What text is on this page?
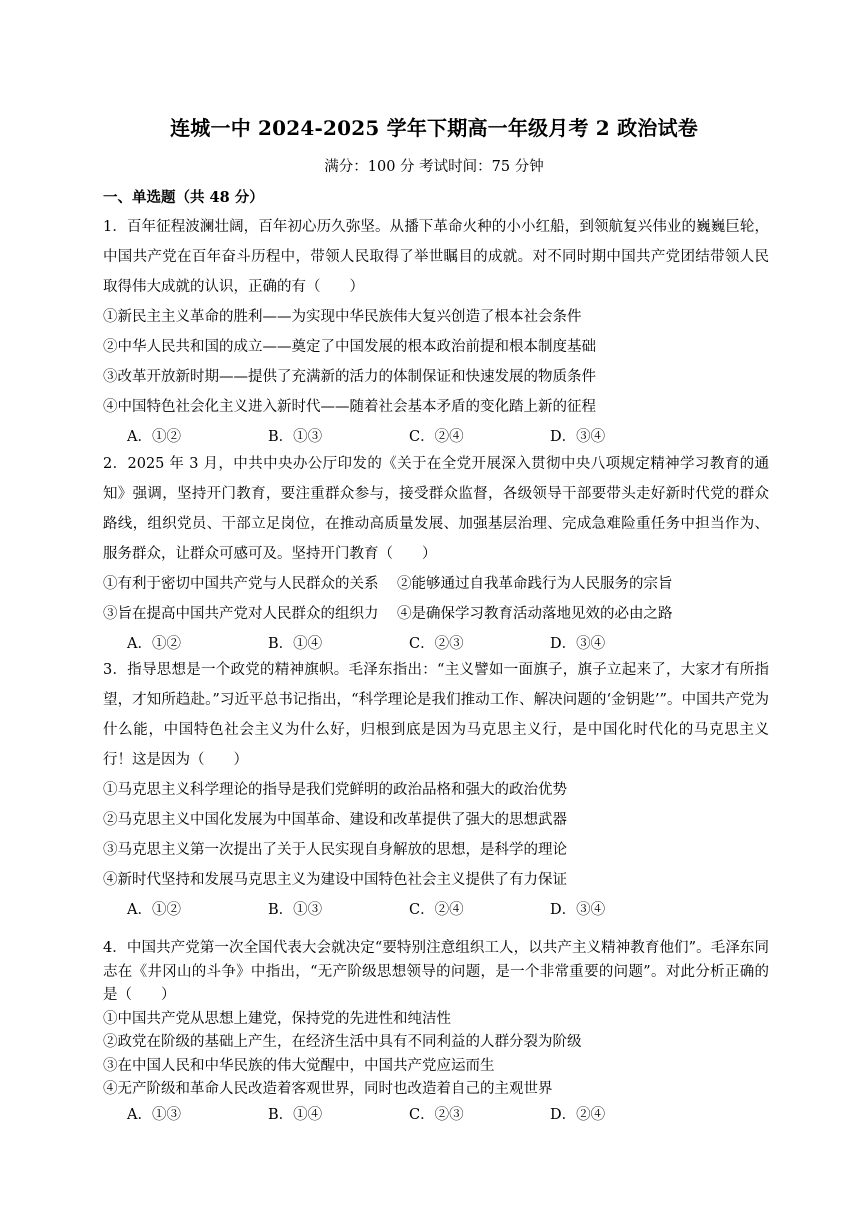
连城一中 2024-2025 学年下期高一年级月考 2 政治试卷
满分：100 分 考试时间：75 分钟
一、单选题（共 48 分）

1．百年征程波澜壮阔，百年初心历久弥坚。从播下革命火种的小小红船，到领航复兴伟业的巍巍巨轮，中国共产党在百年奋斗历程中，带领人民取得了举世瞩目的成就。对不同时期中国共产党团结带领人民取得伟大成就的认识，正确的有（　　）

①新民主主义革命的胜利——为实现中华民族伟大复兴创造了根本社会条件

②中华人民共和国的成立——奠定了中国发展的根本政治前提和根本制度基础

③改革开放新时期——提供了充满新的活力的体制保证和快速发展的物质条件

④中国特色社会化主义进入新时代——随着社会基本矛盾的变化踏上新的征程

A．①②	B．①③	C．②④	D．③④

2．2025 年 3 月，中共中央办公厅印发的《关于在全党开展深入贯彻中央八项规定精神学习教育的通知》强调，坚持开门教育，要注重群众参与，接受群众监督，各级领导干部要带头走好新时代党的群众路线，组织党员、干部立足岗位，在推动高质量发展、加强基层治理、完成急难险重任务中担当作为、服务群众，让群众可感可及。坚持开门教育（　　）

①有利于密切中国共产党与人民群众的关系	②能够通过自我革命践行为人民服务的宗旨
③旨在提高中国共产党对人民群众的组织力	④是确保学习教育活动落地见效的必由之路
A．①②	B．①④	C．②③	D．③④

3．指导思想是一个政党的精神旗帜。毛泽东指出：“主义譬如一面旗子，旗子立起来了，大家才有所指望，才知所趋赴。”习近平总书记指出，“科学理论是我们推动工作、解决问题的‘金钥匙’”。中国共产党为什么能，中国特色社会主义为什么好，归根到底是因为马克思主义行，是中国化时代化的马克思主义行！这是因为（　　）

①马克思主义科学理论的指导是我们党鲜明的政治品格和强大的政治优势

②马克思主义中国化发展为中国革命、建设和改革提供了强大的思想武器

③马克思主义第一次提出了关于人民实现自身解放的思想，是科学的理论

④新时代坚持和发展马克思主义为建设中国特色社会主义提供了有力保证

A．①②	B．①③	C．②④	D．③④

4．中国共产党第一次全国代表大会就决定“要特别注意组织工人，以共产主义精神教育他们”。毛泽东同志在《井冈山的斗争》中指出，“无产阶级思想领导的问题，是一个非常重要的问题”。对此分析正确的是（　　）

①中国共产党从思想上建党，保持党的先进性和纯洁性

②政党在阶级的基础上产生，在经济生活中具有不同利益的人群分裂为阶级

③在中国人民和中华民族的伟大觉醒中，中国共产党应运而生

④无产阶级和革命人民改造着客观世界，同时也改造着自己的主观世界

A．①③	B．①④	C．②③	D．②④
